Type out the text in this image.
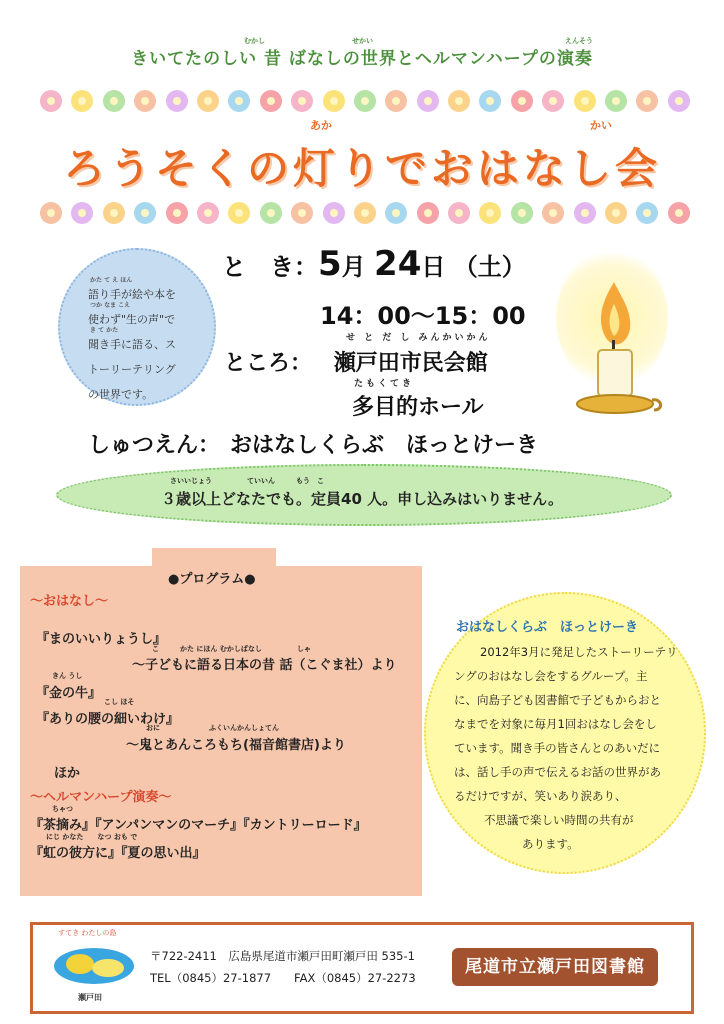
むかし	せかい	えんそう
きいてたのしい 昔 ばなしの世界とヘルマンハープの演奏
あか	かい
ろうそくの灯りでおはなし会
語り手が絵や本を
使わず"生の声"で
聞き手に語る、ス
トーリーテリング
の世界です。
かた て え ほん
つか なま こえ
き て かた
と　き：5月 24日 （土）
14：00～15：00
せ と だ し みんかいかん
ところ： 瀬戸田市民会館
たもくてき
多目的ホール
しゅつえん： おはなしくらぶ　ほっとけーき
さいいじょう　　　　　ていいん　　　もう　こ
３歳以上どなたでも。定員40 人。申し込みはいりません。
●プログラム●
～おはなし～
『まのいいりょうし』
こ　　　かた にほん むかしばなし　　　　　しゃ
～子どもに語る日本の昔 話（こぐま社）より
きん うし
『金の牛』
こし ほそ
『ありの腰の細いわけ』
おに　　　　　　　ふくいんかんしょてん
～鬼とあんころもち(福音館書店)より
ほか
～ヘルマンハープ演奏～
ちゃつ
『茶摘み』『アンパンマンのマーチ』『カントリーロード』
にじ かなた　　なつ おも で
『虹の彼方に』『夏の思い出』
おはなしくらぶ　ほっとけーき
2012年3月に発足したストーリーテリ
ングのおはなし会をするグループ。主
に、向島子ども図書館で子どもからおと
なまでを対象に毎月1回おはなし会をし
ています。聞き手の皆さんとのあいだに
は、話し手の声で伝えるお話の世界があ
るだけですが、笑いあり涙あり、
不思議で楽しい時間の共有が
あります。
すてき わたしの島
瀬戸田
〒722-2411　広島県尾道市瀬戸田町瀬戸田 535-1
TEL（0845）27-1877　　FAX（0845）27-2273
尾道市立瀬戸田図書館
